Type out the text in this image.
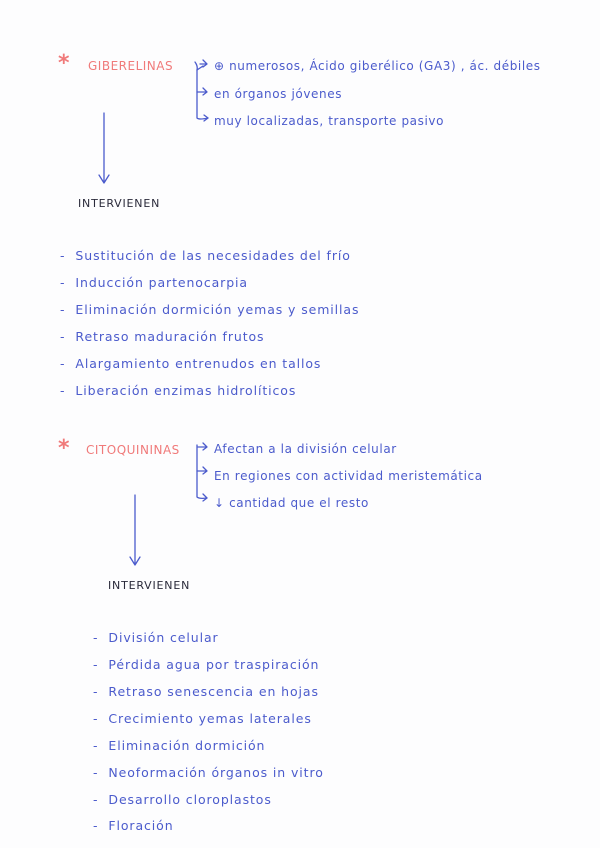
* GIBERELINAS	⊕ numerosos, Ácido giberélico (GA3) , ác. débiles
en órganos jóvenes
muy localizadas, transporte pasivo
INTERVIENEN
- Sustitución de las necesidades del frío
- Inducción partenocarpia
- Eliminación dormición yemas y semillas
- Retraso maduración frutos
- Alargamiento entrenudos en tallos
- Liberación enzimas hidrolíticos
* CITOQUININAS	Afectan a la división celular
En regiones con actividad meristemática
↓ cantidad que el resto
INTERVIENEN
- División celular
- Pérdida agua por traspiración
- Retraso senescencia en hojas
- Crecimiento yemas laterales
- Eliminación dormición
- Neoformación órganos in vitro
- Desarrollo cloroplastos
- Floración
